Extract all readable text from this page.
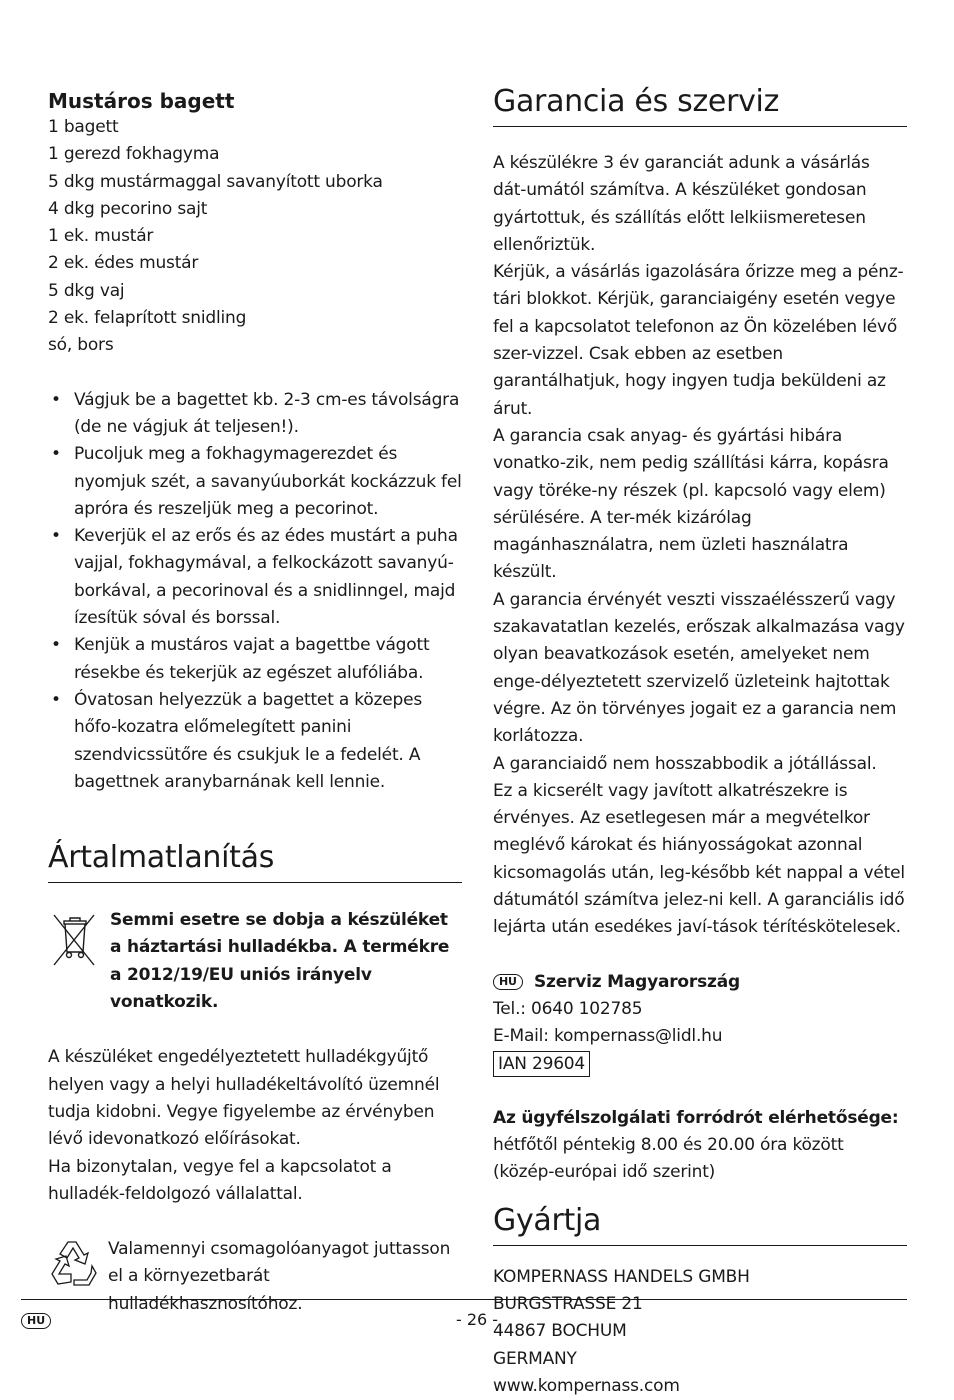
Mustáros bagett
1 bagett
1 gerezd fokhagyma
5 dkg mustármaggal savanyított uborka
4 dkg pecorino sajt
1 ek. mustár
2 ek. édes mustár
5 dkg vaj
2 ek. felaprított snidling
só, bors
• Vágjuk be a bagettet kb. 2-3 cm-es távolságra (de ne vágjuk át teljesen!).
• Pucoljuk meg a fokhagymagerezdet és nyomjuk szét, a savanyúuborkát kockázzuk fel apróra és reszeljük meg a pecorinot.
• Keverjük el az erős és az édes mustárt a puha vajjal, fokhagymával, a felkockázott savanyú-borkával, a pecorinoval és a snidlinngel, majd ízesítük sóval és borssal.
• Kenjük a mustáros vajat a bagettbe vágott résekbe és tekerjük az egészet alufóliába.
• Óvatosan helyezzük a bagettet a közepes hőfo-kozatra előmelegített panini szendvicssütőre és csukjuk le a fedelét. A bagettnek aranybarnának kell lennie.
Ártalmatlanítás
Semmi esetre se dobja a készüléket a háztartási hulladékba. A termékre a 2012/19/EU uniós irányelv vonatkozik.

A készüléket engedélyeztetett hulladékgyűjtő helyen vagy a helyi hulladékeltávolító üzemnél tudja kidobni. Vegye figyelembe az érvényben lévő idevonatkozó előírásokat.

Ha bizonytalan, vegye fel a kapcsolatot a hulladék-feldolgozó vállalattal.

Valamennyi csomagolóanyagot juttasson el a környezetbarát hulladékhasznosítóhoz.
Garancia és szerviz

A készülékre 3 év garanciát adunk a vásárlás dát-umától számítva. A készüléket gondosan gyártottuk, és szállítás előtt lelkiismeretesen ellenőriztük.

Kérjük, a vásárlás igazolására őrizze meg a pénz-tári blokkot. Kérjük, garanciaigény esetén vegye fel a kapcsolatot telefonon az Ön közelében lévő szer-vizzel. Csak ebben az esetben garantálhatjuk, hogy ingyen tudja beküldeni az árut.

A garancia csak anyag- és gyártási hibára vonatko-zik, nem pedig szállítási kárra, kopásra vagy töréke-ny részek (pl. kapcsoló vagy elem) sérülésére. A ter-mék kizárólag magánhasználatra, nem üzleti használatra készült.

A garancia érvényét veszti visszaélésszerű vagy szakavatatlan kezelés, erőszak alkalmazása vagy olyan beavatkozások esetén, amelyeket nem enge-délyeztetett szervizelő üzleteink hajtottak végre. Az ön törvényes jogait ez a garancia nem korlátozza.

A garanciaidő nem hosszabbodik a jótállással.

Ez a kicserélt vagy javított alkatrészekre is érvényes. Az esetlegesen már a megvételkor meglévő károkat és hiányosságokat azonnal kicsomagolás után, leg-később két nappal a vétel dátumától számítva jelez-ni kell. A garanciális idő lejárta után esedékes javí-tások térítéskötelesek.

HU Szerviz Magyarország
Tel.: 0640 102785
E-Mail: kompernass@lidl.hu
IAN 29604
Az ügyfélszolgálati forródrót elérhetősége:
hétfőtől péntekig 8.00 és 20.00 óra között
(közép-európai idő szerint)
Gyártja
KOMPERNASS HANDELS GMBH
BURGSTRASSE 21
44867 BOCHUM
GERMANY
www.kompernass.com
HU	- 26 -
